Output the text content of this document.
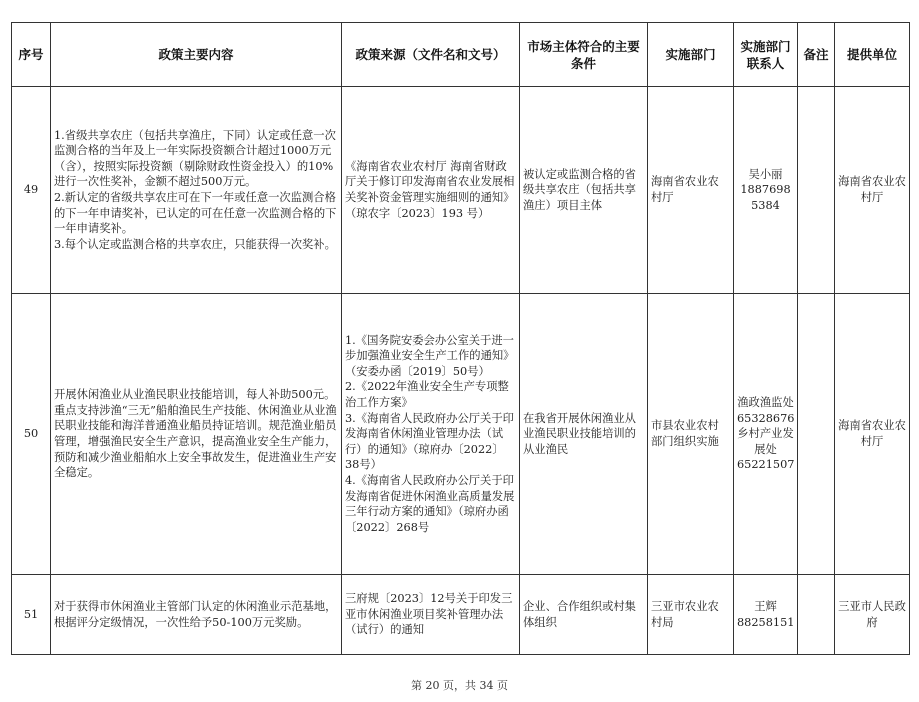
序号	政策主要内容	政策来源（文件名和文号）	市场主体符合的主要条件	实施部门	实施部门联系人	备注	提供单位
49	1.省级共享农庄（包括共享渔庄，下同）认定或任意一次监测合格的当年及上一年实际投资额合计超过1000万元（含），按照实际投资额（剔除财政性资金投入）的10%进行一次性奖补，金额不超过500万元。
2.新认定的省级共享农庄可在下一年或任意一次监测合格的下一年申请奖补，已认定的可在任意一次监测合格的下一年申请奖补。
3.每个认定或监测合格的共享农庄，只能获得一次奖补。	《海南省农业农村厅 海南省财政厅关于修订印发海南省农业发展相关奖补资金管理实施细则的通知》（琼农字〔2023〕193 号）	被认定或监测合格的省级共享农庄（包括共享渔庄）项目主体	海南省农业农村厅	吴小丽
18876985384		海南省农业农村厅
50	开展休闲渔业从业渔民职业技能培训，每人补助500元。
重点支持涉渔“三无”船舶渔民生产技能、休闲渔业从业渔民职业技能和海洋普通渔业船员持证培训。规范渔业船员管理，增强渔民安全生产意识，提高渔业安全生产能力，预防和减少渔业船舶水上安全事故发生，促进渔业生产安全稳定。	1.《国务院安委会办公室关于进一步加强渔业安全生产工作的通知》（安委办函〔2019〕50号）
2.《2022年渔业安全生产专项整治工作方案》
3.《海南省人民政府办公厅关于印发海南省休闲渔业管理办法（试行）的通知》（琼府办〔2022〕38号）
4.《海南省人民政府办公厅关于印发海南省促进休闲渔业高质量发展三年行动方案的通知》（琼府办函〔2022〕268号	在我省开展休闲渔业从业渔民职业技能培训的从业渔民	市县农业农村部门组织实施	渔政渔监处
65328676
乡村产业发展处
65221507		海南省农业农村厅
51	对于获得市休闲渔业主管部门认定的休闲渔业示范基地，根据评分定级情况，一次性给予50-100万元奖励。	三府规〔2023〕12号关于印发三亚市休闲渔业项目奖补管理办法（试行）的通知	企业、合作组织或村集体组织	三亚市农业农村局	王辉
88258151		三亚市人民政府
第 20 页，共 34 页
